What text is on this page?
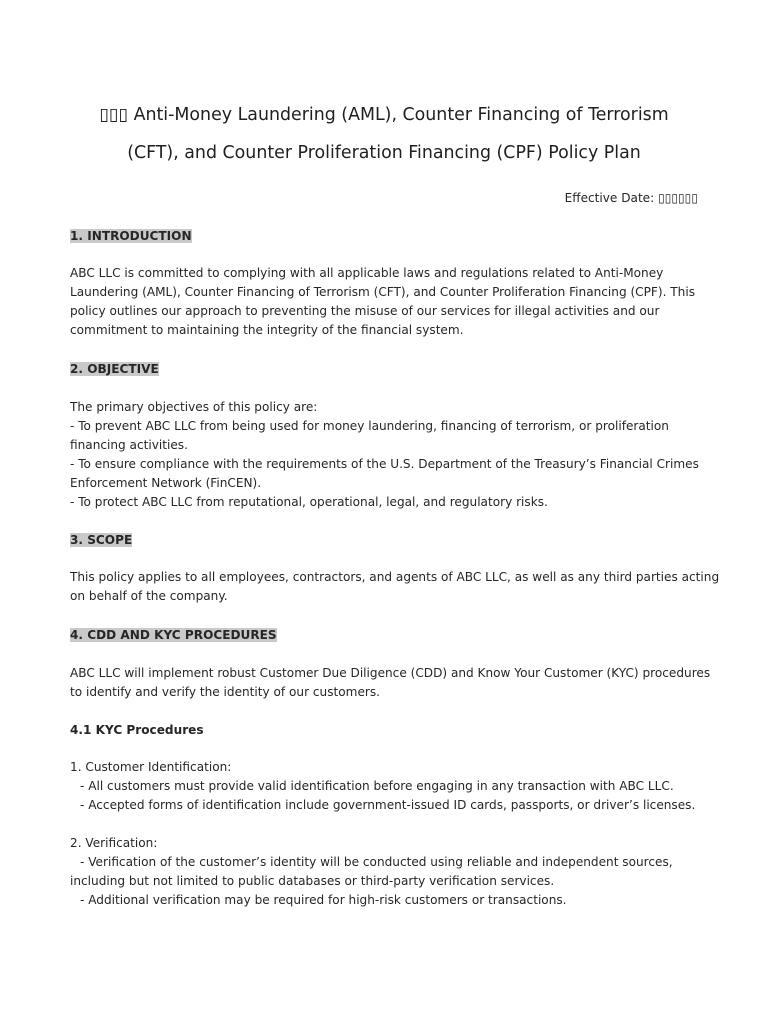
▯▯▯ Anti-Money Laundering (AML), Counter Financing of Terrorism
(CFT), and Counter Proliferation Financing (CPF) Policy Plan
Effective Date: ▯▯▯▯▯▯
1. INTRODUCTION
ABC LLC is committed to complying with all applicable laws and regulations related to Anti-Money
Laundering (AML), Counter Financing of Terrorism (CFT), and Counter Proliferation Financing (CPF). This
policy outlines our approach to preventing the misuse of our services for illegal activities and our
commitment to maintaining the integrity of the financial system.
2. OBJECTIVE
The primary objectives of this policy are:
- To prevent ABC LLC from being used for money laundering, financing of terrorism, or proliferation
financing activities.
- To ensure compliance with the requirements of the U.S. Department of the Treasury’s Financial Crimes
Enforcement Network (FinCEN).
- To protect ABC LLC from reputational, operational, legal, and regulatory risks.
3. SCOPE
This policy applies to all employees, contractors, and agents of ABC LLC, as well as any third parties acting
on behalf of the company.
4. CDD AND KYC PROCEDURES
ABC LLC will implement robust Customer Due Diligence (CDD) and Know Your Customer (KYC) procedures
to identify and verify the identity of our customers.
4.1 KYC Procedures
1. Customer Identification:
- All customers must provide valid identification before engaging in any transaction with ABC LLC.
- Accepted forms of identification include government-issued ID cards, passports, or driver’s licenses.
2. Verification:
- Verification of the customer’s identity will be conducted using reliable and independent sources,
including but not limited to public databases or third-party verification services.
- Additional verification may be required for high-risk customers or transactions.
